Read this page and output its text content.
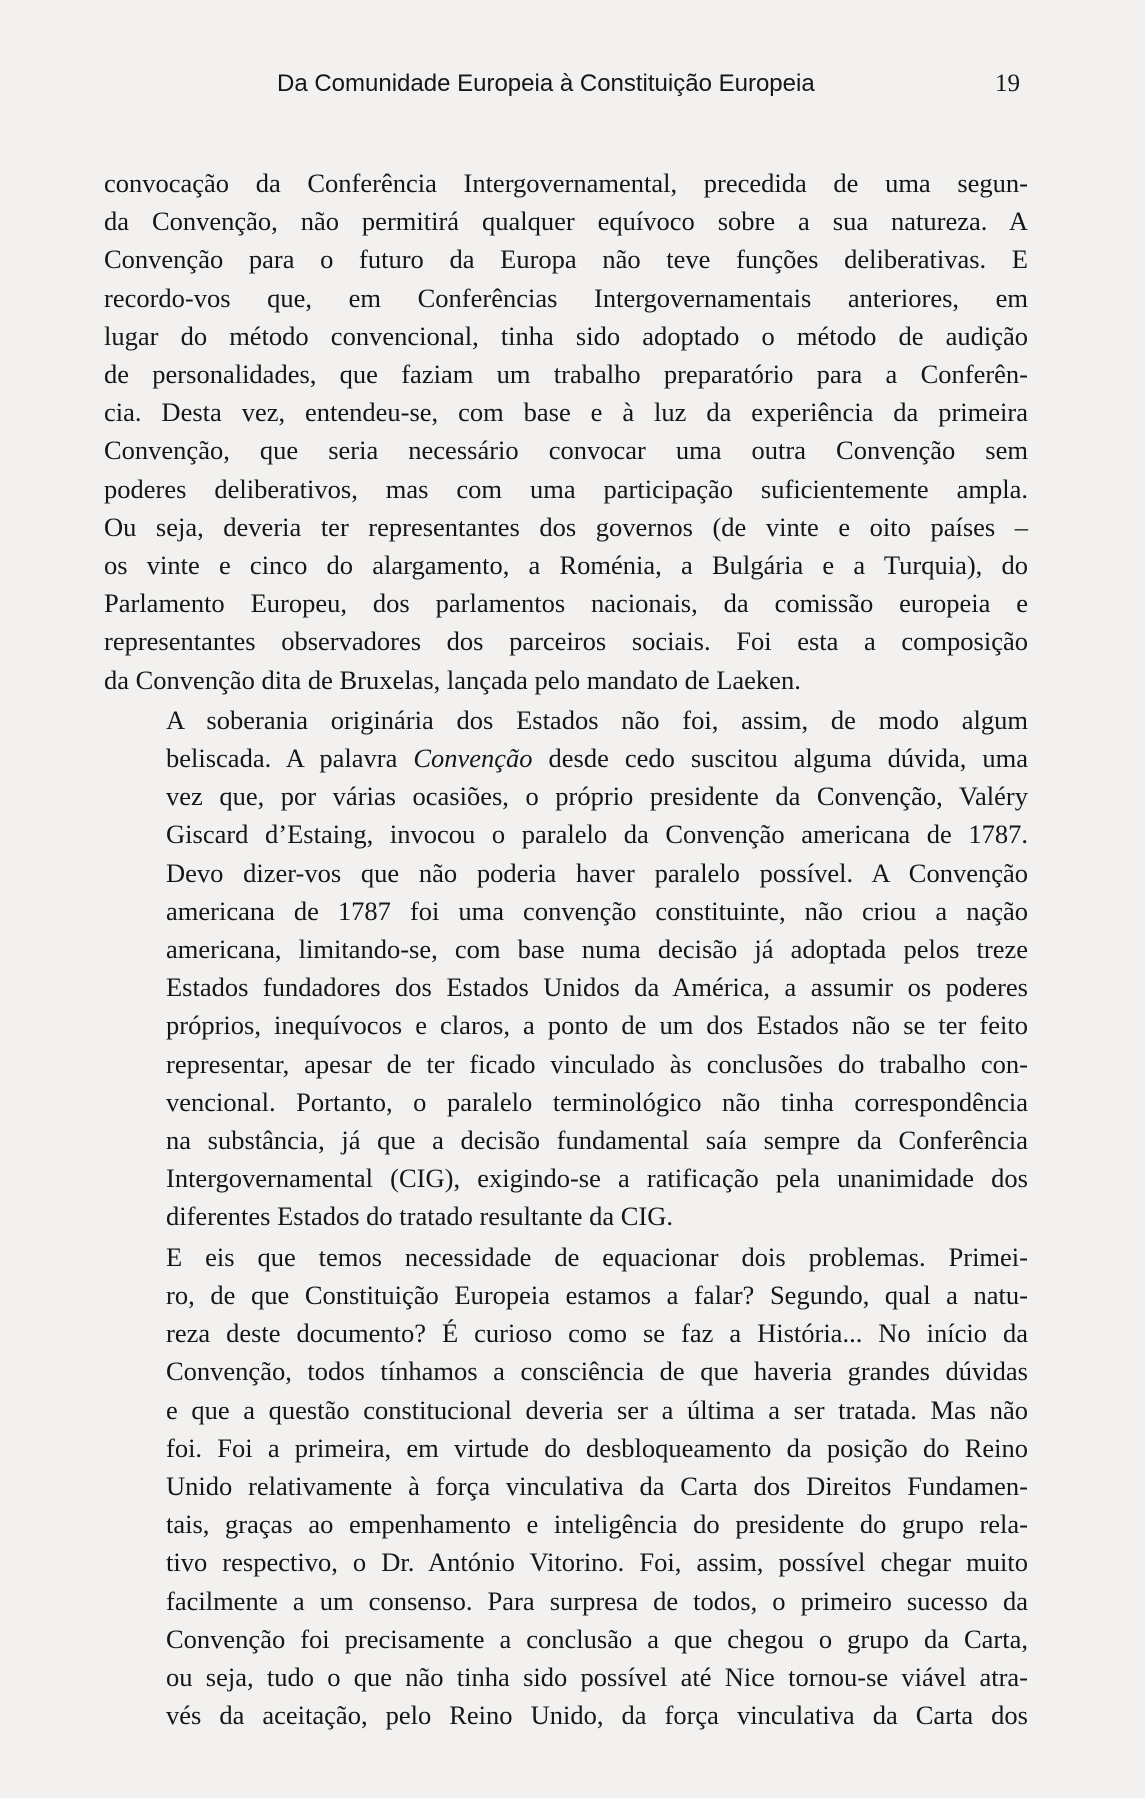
Da Comunidade Europeia à Constituição Europeia	19
convocação da Conferência Intergovernamental, precedida de uma segun-
da Convenção, não permitirá qualquer equívoco sobre a sua natureza. A
Convenção para o futuro da Europa não teve funções deliberativas. E
recordo-vos que, em Conferências Intergovernamentais anteriores, em
lugar do método convencional, tinha sido adoptado o método de audição
de personalidades, que faziam um trabalho preparatório para a Conferên-
cia. Desta vez, entendeu-se, com base e à luz da experiência da primeira
Convenção, que seria necessário convocar uma outra Convenção sem
poderes deliberativos, mas com uma participação suficientemente ampla.
Ou seja, deveria ter representantes dos governos (de vinte e oito países –
os vinte e cinco do alargamento, a Roménia, a Bulgária e a Turquia), do
Parlamento Europeu, dos parlamentos nacionais, da comissão europeia e
representantes observadores dos parceiros sociais. Foi esta a composição
da Convenção dita de Bruxelas, lançada pelo mandato de Laeken.
A soberania originária dos Estados não foi, assim, de modo algum
beliscada. A palavra Convenção desde cedo suscitou alguma dúvida, uma
vez que, por várias ocasiões, o próprio presidente da Convenção, Valéry
Giscard d’Estaing, invocou o paralelo da Convenção americana de 1787.
Devo dizer-vos que não poderia haver paralelo possível. A Convenção
americana de 1787 foi uma convenção constituinte, não criou a nação
americana, limitando-se, com base numa decisão já adoptada pelos treze
Estados fundadores dos Estados Unidos da América, a assumir os poderes
próprios, inequívocos e claros, a ponto de um dos Estados não se ter feito
representar, apesar de ter ficado vinculado às conclusões do trabalho con-
vencional. Portanto, o paralelo terminológico não tinha correspondência
na substância, já que a decisão fundamental saía sempre da Conferência
Intergovernamental (CIG), exigindo-se a ratificação pela unanimidade dos
diferentes Estados do tratado resultante da CIG.
E eis que temos necessidade de equacionar dois problemas. Primei-
ro, de que Constituição Europeia estamos a falar? Segundo, qual a natu-
reza deste documento? É curioso como se faz a História... No início da
Convenção, todos tínhamos a consciência de que haveria grandes dúvidas
e que a questão constitucional deveria ser a última a ser tratada. Mas não
foi. Foi a primeira, em virtude do desbloqueamento da posição do Reino
Unido relativamente à força vinculativa da Carta dos Direitos Fundamen-
tais, graças ao empenhamento e inteligência do presidente do grupo rela-
tivo respectivo, o Dr. António Vitorino. Foi, assim, possível chegar muito
facilmente a um consenso. Para surpresa de todos, o primeiro sucesso da
Convenção foi precisamente a conclusão a que chegou o grupo da Carta,
ou seja, tudo o que não tinha sido possível até Nice tornou-se viável atra-
vés da aceitação, pelo Reino Unido, da força vinculativa da Carta dos
